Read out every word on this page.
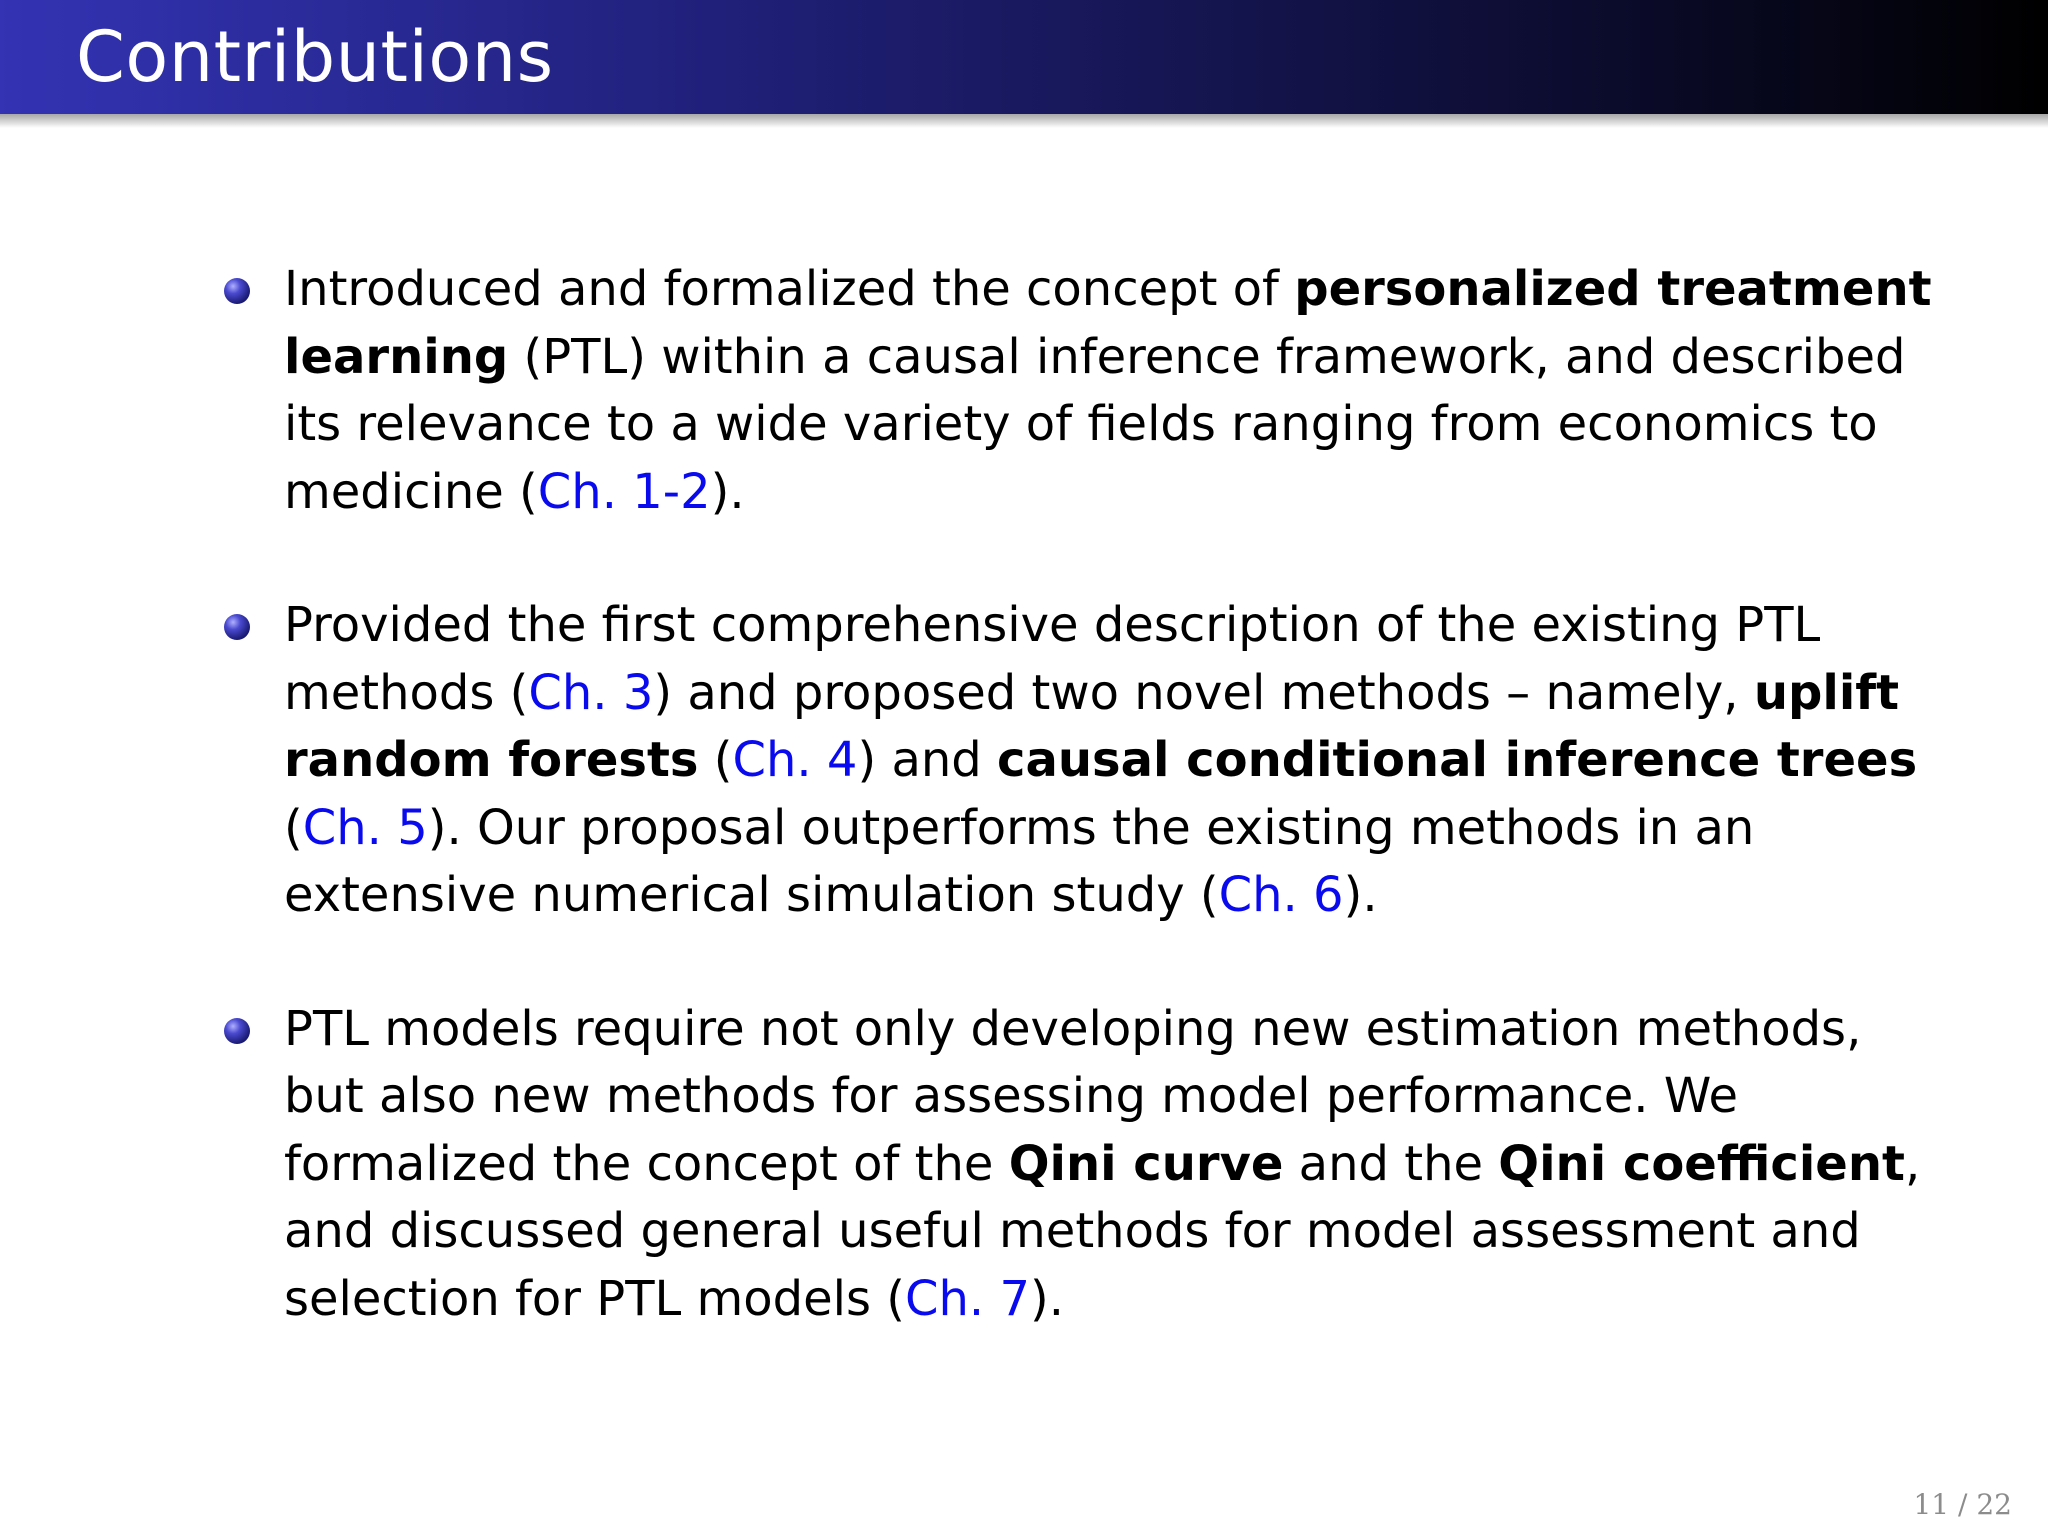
Contributions
Introduced and formalized the concept of personalized treatment
learning (PTL) within a causal inference framework, and described
its relevance to a wide variety of fields ranging from economics to
medicine (Ch. 1-2).
Provided the first comprehensive description of the existing PTL
methods (Ch. 3) and proposed two novel methods – namely, uplift
random forests (Ch. 4) and causal conditional inference trees
(Ch. 5). Our proposal outperforms the existing methods in an
extensive numerical simulation study (Ch. 6).
PTL models require not only developing new estimation methods,
but also new methods for assessing model performance. We
formalized the concept of the Qini curve and the Qini coefficient,
and discussed general useful methods for model assessment and
selection for PTL models (Ch. 7).
11 / 22
